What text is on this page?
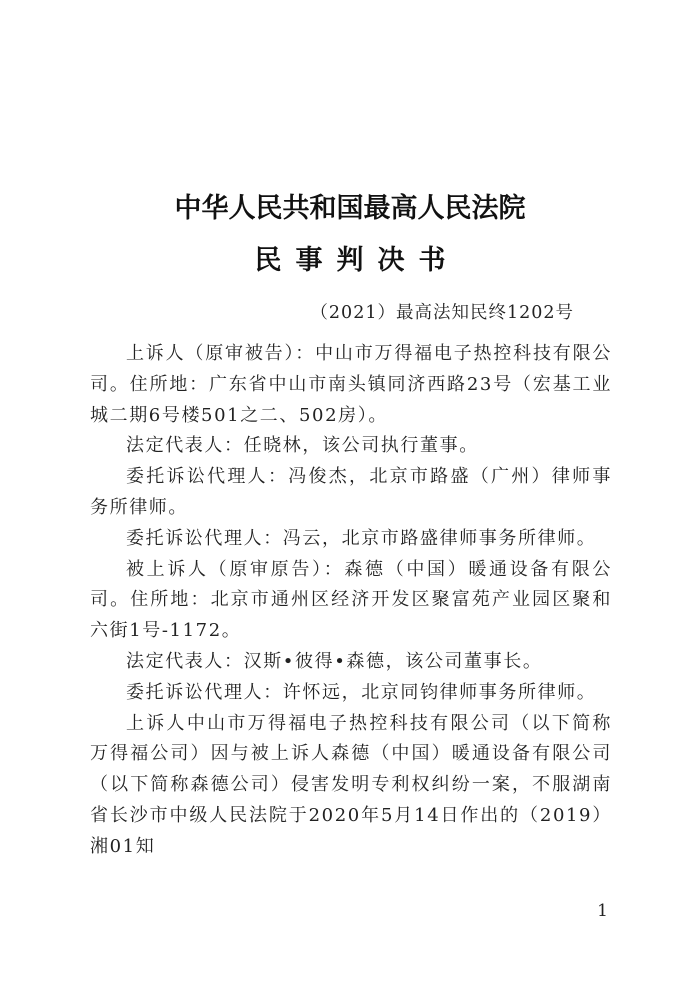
中华人民共和国最高人民法院
民事判决书
（2021）最高法知民终1202号

上诉人（原审被告）：中山市万得福电子热控科技有限公司。住所地：广东省中山市南头镇同济西路23号（宏基工业城二期6号楼501之二、502房）。

法定代表人：任晓林，该公司执行董事。

委托诉讼代理人：冯俊杰，北京市路盛（广州）律师事务所律师。

委托诉讼代理人：冯云，北京市路盛律师事务所律师。

被上诉人（原审原告）：森德（中国）暖通设备有限公司。住所地：北京市通州区经济开发区聚富苑产业园区聚和六街1号-1172。

法定代表人：汉斯•彼得•森德，该公司董事长。

委托诉讼代理人：许怀远，北京同钧律师事务所律师。

上诉人中山市万得福电子热控科技有限公司（以下简称万得福公司）因与被上诉人森德（中国）暖通设备有限公司（以下简称森德公司）侵害发明专利权纠纷一案，不服湖南省长沙市中级人民法院于2020年5月14日作出的（2019）湘01知

1
